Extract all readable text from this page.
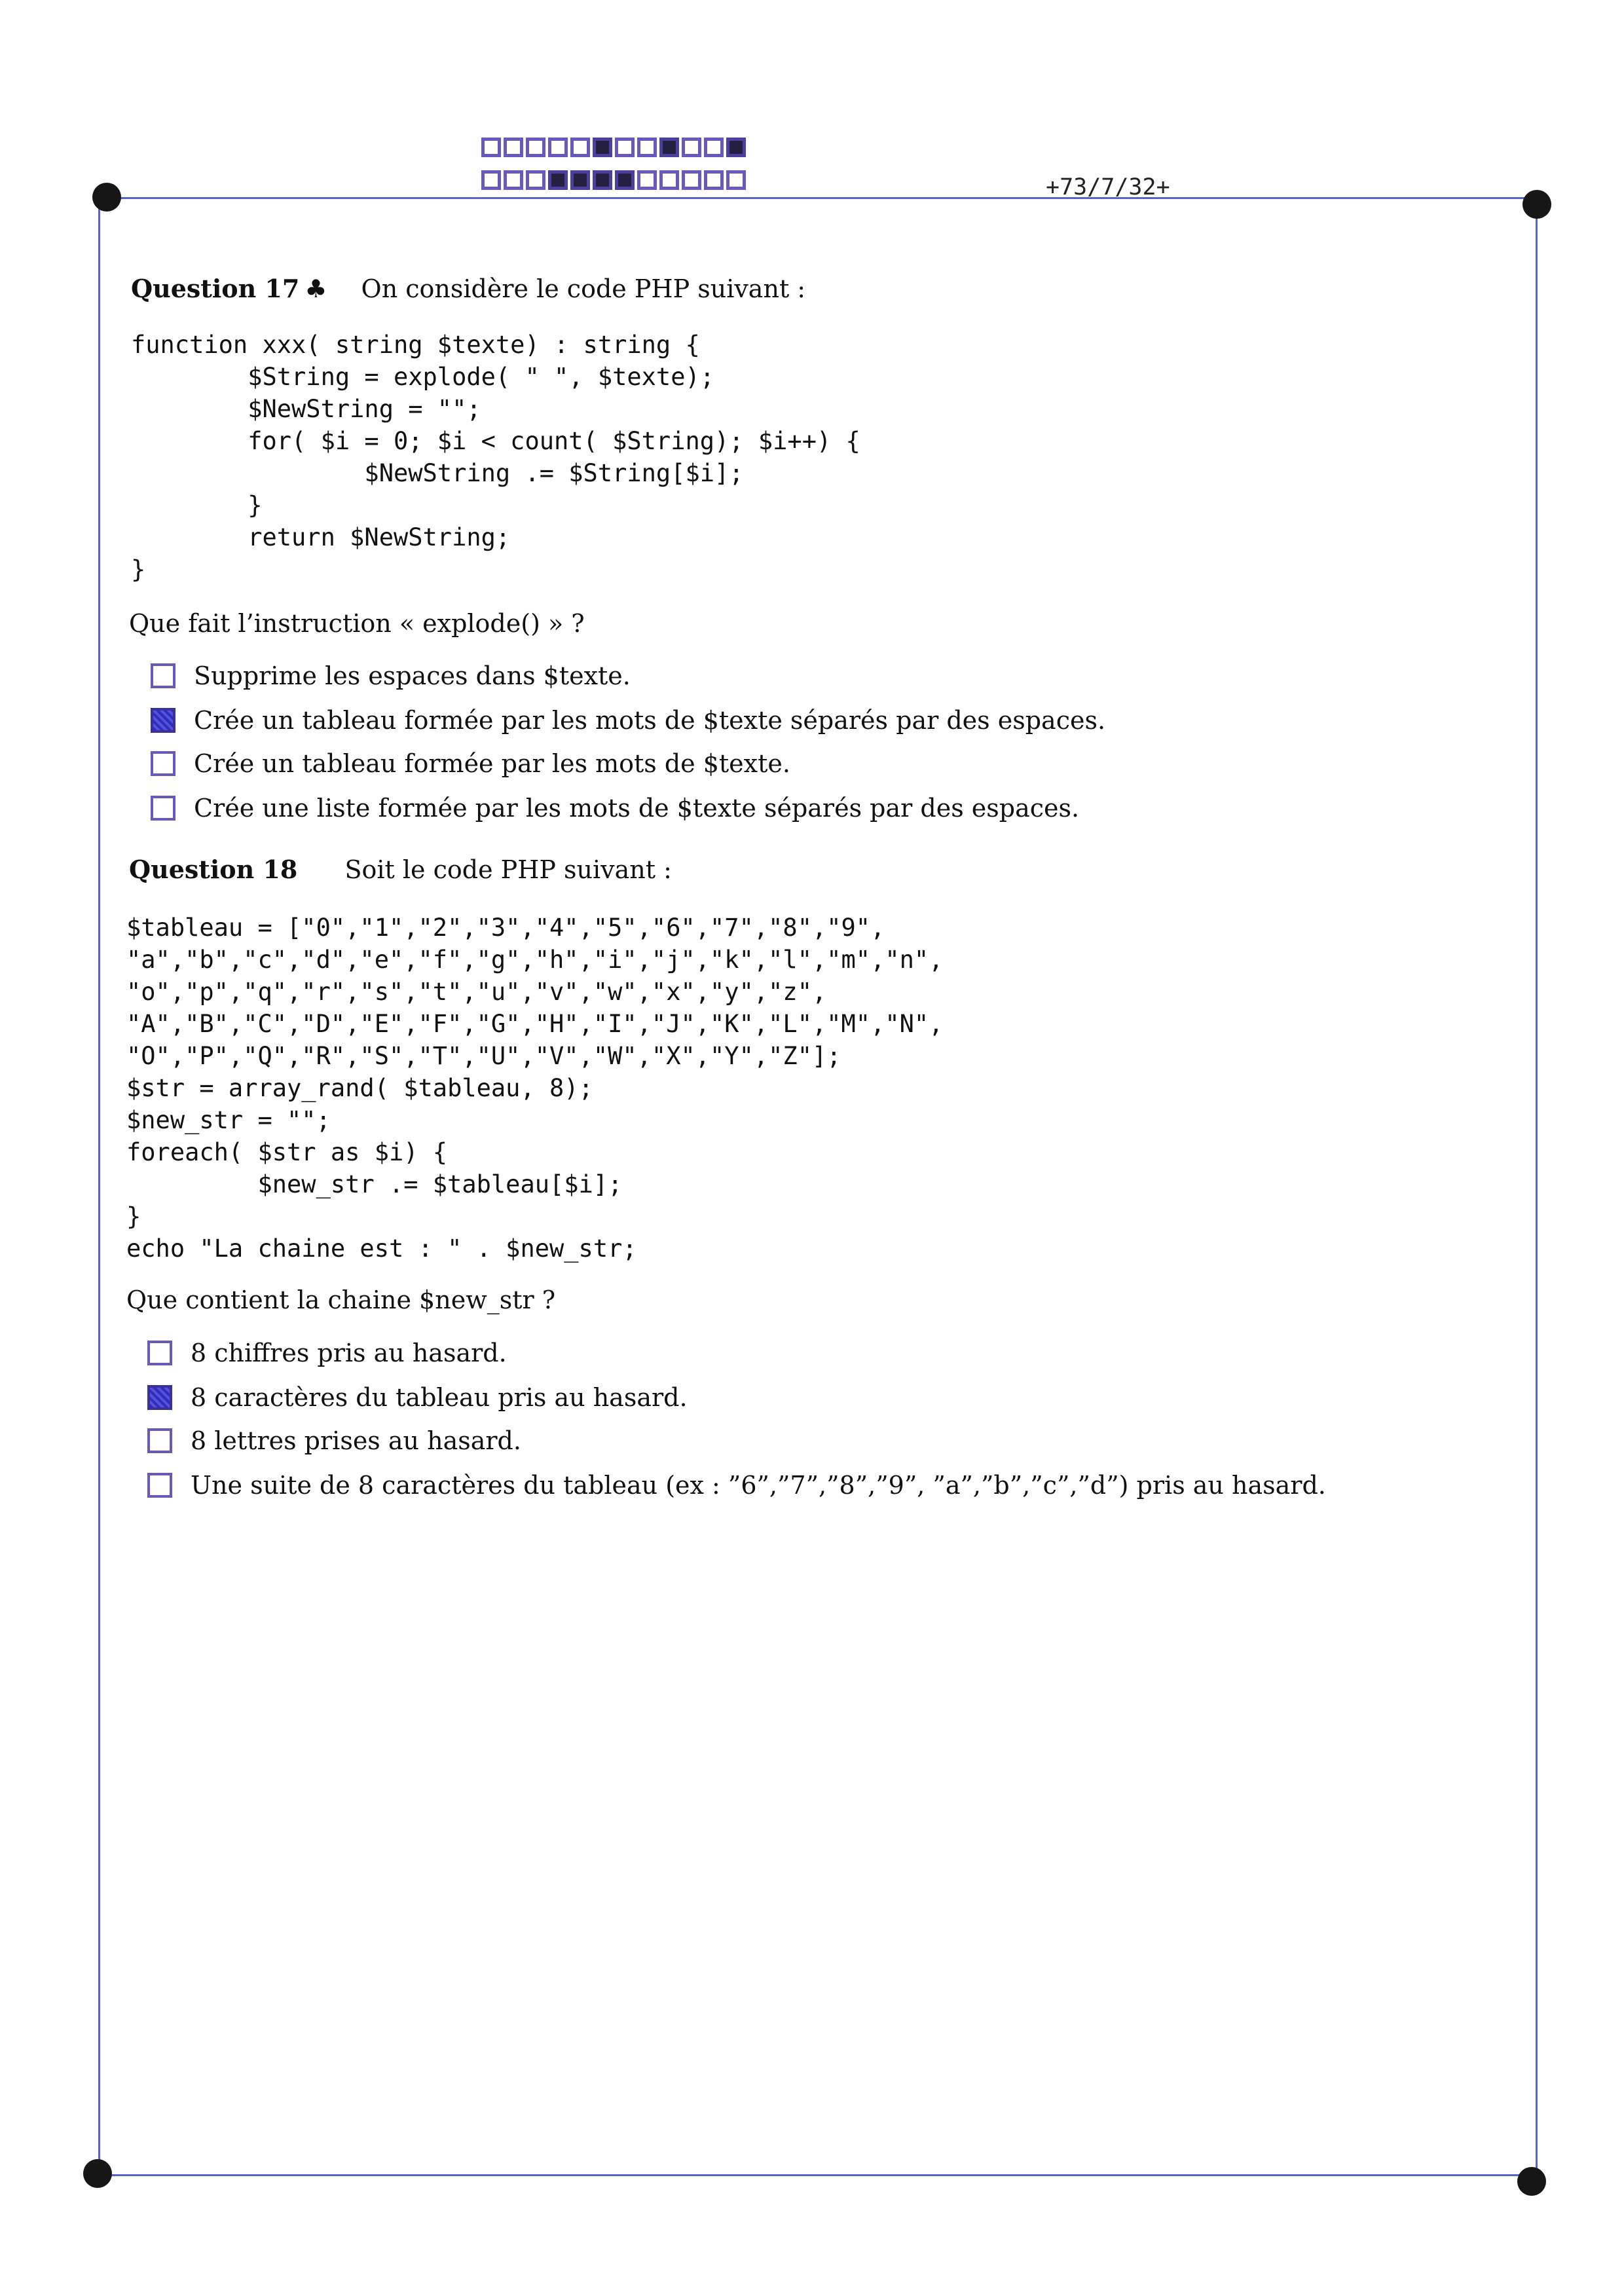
+73/7/32+
Question 17 ♣ On considère le code PHP suivant :
function xxx( string $texte) : string {
$String = explode( " ", $texte);
$NewString = "";
for( $i = 0; $i < count( $String); $i++) {
$NewString .= $String[$i];
}
return $NewString;
}
Que fait l’instruction « explode() » ?
Supprime les espaces dans $texte.
Crée un tableau formée par les mots de $texte séparés par des espaces.
Crée un tableau formée par les mots de $texte.
Crée une liste formée par les mots de $texte séparés par des espaces.
Question 18 Soit le code PHP suivant :
$tableau = ["0","1","2","3","4","5","6","7","8","9",
"a","b","c","d","e","f","g","h","i","j","k","l","m","n",
"o","p","q","r","s","t","u","v","w","x","y","z",
"A","B","C","D","E","F","G","H","I","J","K","L","M","N",
"O","P","Q","R","S","T","U","V","W","X","Y","Z"];
$str = array_rand( $tableau, 8);
$new_str = "";
foreach( $str as $i) {
$new_str .= $tableau[$i];
}
echo "La chaine est : " . $new_str;
Que contient la chaine $new_str ?
8 chiffres pris au hasard.
8 caractères du tableau pris au hasard.
8 lettres prises au hasard.
Une suite de 8 caractères du tableau (ex : ”6”,”7”,”8”,”9”, ”a”,”b”,”c”,”d”) pris au hasard.
